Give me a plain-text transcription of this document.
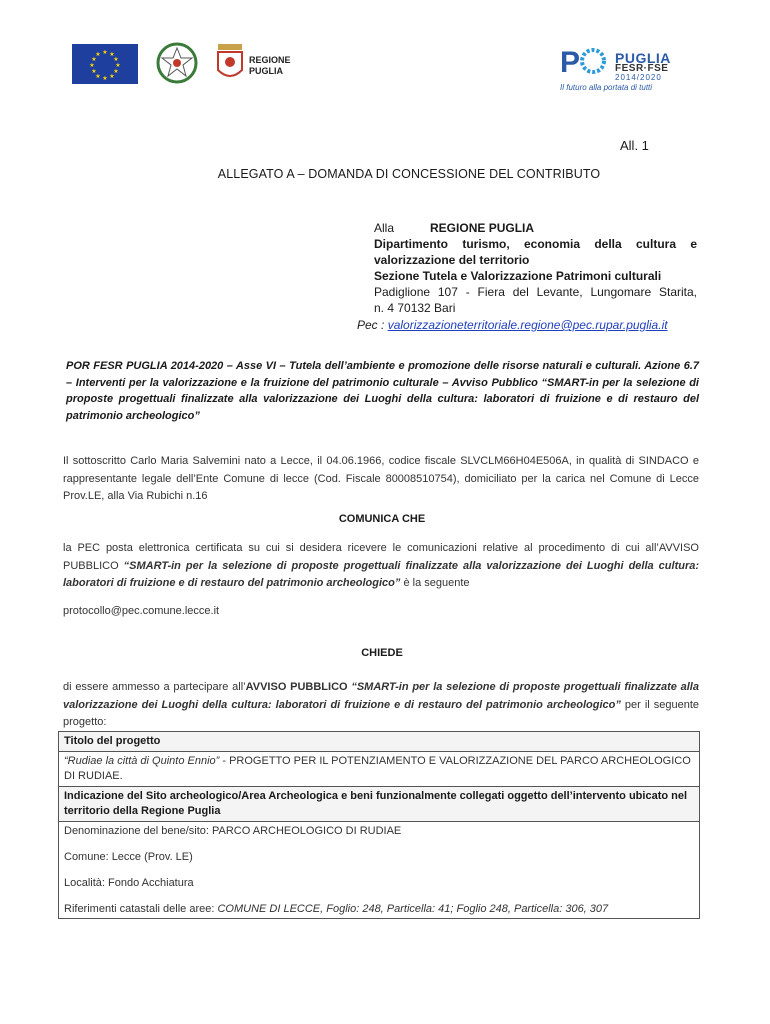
★ ★
★
★
★
★
★
★
★
★
★
★
REGIONE
PUGLIA	P PUGLIA
FESR·FSE
2014/2020
Il futuro alla portata di tutti
All. 1
ALLEGATO A – DOMANDA DI CONCESSIONE DEL CONTRIBUTO
Alla	REGIONE PUGLIA
Dipartimento turismo, economia della cultura e
valorizzazione del territorio
Sezione Tutela e Valorizzazione Patrimoni culturali
Padiglione 107 - Fiera del Levante, Lungomare Starita,
n. 4 70132 Bari
Pec : valorizzazioneterritoriale.regione@pec.rupar.puglia.it
POR FESR PUGLIA 2014-2020 – Asse VI – Tutela dell’ambiente e promozione delle risorse naturali e culturali. Azione 6.7 – Interventi per la valorizzazione e la fruizione del patrimonio culturale – Avviso Pubblico “SMART-in per la selezione di proposte progettuali finalizzate alla valorizzazione dei Luoghi della cultura: laboratori di fruizione e di restauro del patrimonio archeologico”
Il sottoscritto Carlo Maria Salvemini nato a Lecce, il 04.06.1966, codice fiscale SLVCLM66H04E506A, in qualità di SINDACO e rappresentante legale dell’Ente Comune di lecce (Cod. Fiscale 80008510754), domiciliato per la carica nel Comune di Lecce Prov.LE, alla Via Rubichi n.16
COMUNICA CHE
la PEC posta elettronica certificata su cui si desidera ricevere le comunicazioni relative al procedimento di cui all’AVVISO PUBBLICO “SMART-in per la selezione di proposte progettuali finalizzate alla valorizzazione dei Luoghi della cultura: laboratori di fruizione e di restauro del patrimonio archeologico” è la seguente
protocollo@pec.comune.lecce.it
CHIEDE
di essere ammesso a partecipare all’AVVISO PUBBLICO “SMART-in per la selezione di proposte progettuali finalizzate alla valorizzazione dei Luoghi della cultura: laboratori di fruizione e di restauro del patrimonio archeologico” per il seguente progetto:
Titolo del progetto
“Rudiae la città di Quinto Ennio” - PROGETTO PER IL POTENZIAMENTO E VALORIZZAZIONE DEL PARCO ARCHEOLOGICO DI RUDIAE.
Indicazione del Sito archeologico/Area Archeologica e beni funzionalmente collegati oggetto dell’intervento ubicato nel territorio della Regione Puglia

Denominazione del bene/sito: PARCO ARCHEOLOGICO DI RUDIAE
Comune: Lecce (Prov. LE)
Località: Fondo Acchiatura
Riferimenti catastali delle aree: COMUNE DI LECCE, Foglio: 248, Particella: 41; Foglio 248, Particella: 306, 307
